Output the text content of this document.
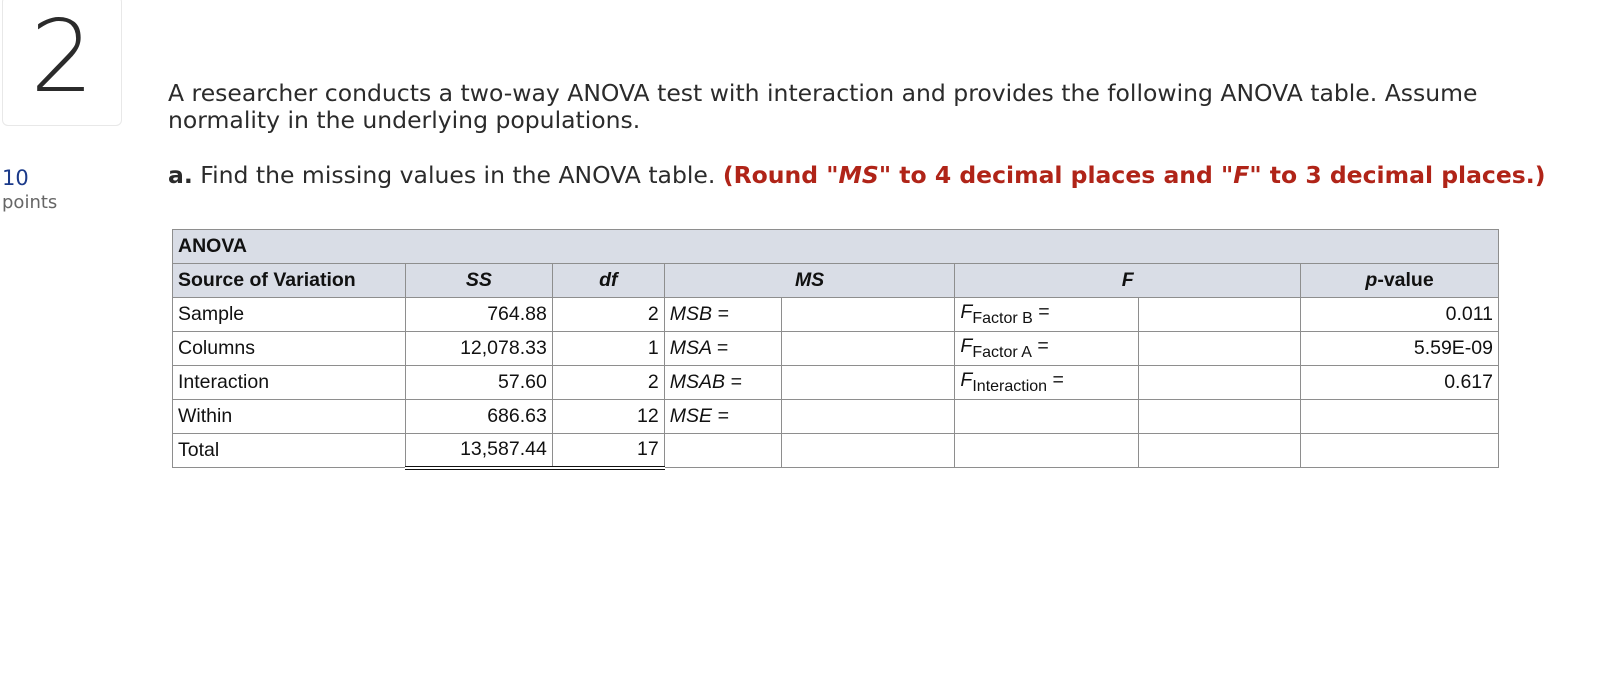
2
10
points
A researcher conducts a two-way ANOVA test with interaction and provides the following ANOVA table. Assume normality in the underlying populations.
a. Find the missing values in the ANOVA table. (Round "MS" to 4 decimal places and "F" to 3 decimal places.)
ANOVA							
Source of Variation	SS	df	MS		F		p-value
Sample	764.88	2	MSB =		$F_{Factor B}$ =		0.011
Columns	12,078.33	1	MSA =		$F_{Factor A}$ =		5.59E-09
Interaction	57.60	2	MSAB =		$F_{Interaction}$ =		0.617
Within	686.63	12	MSE =				
Total	13,587.44	17					
